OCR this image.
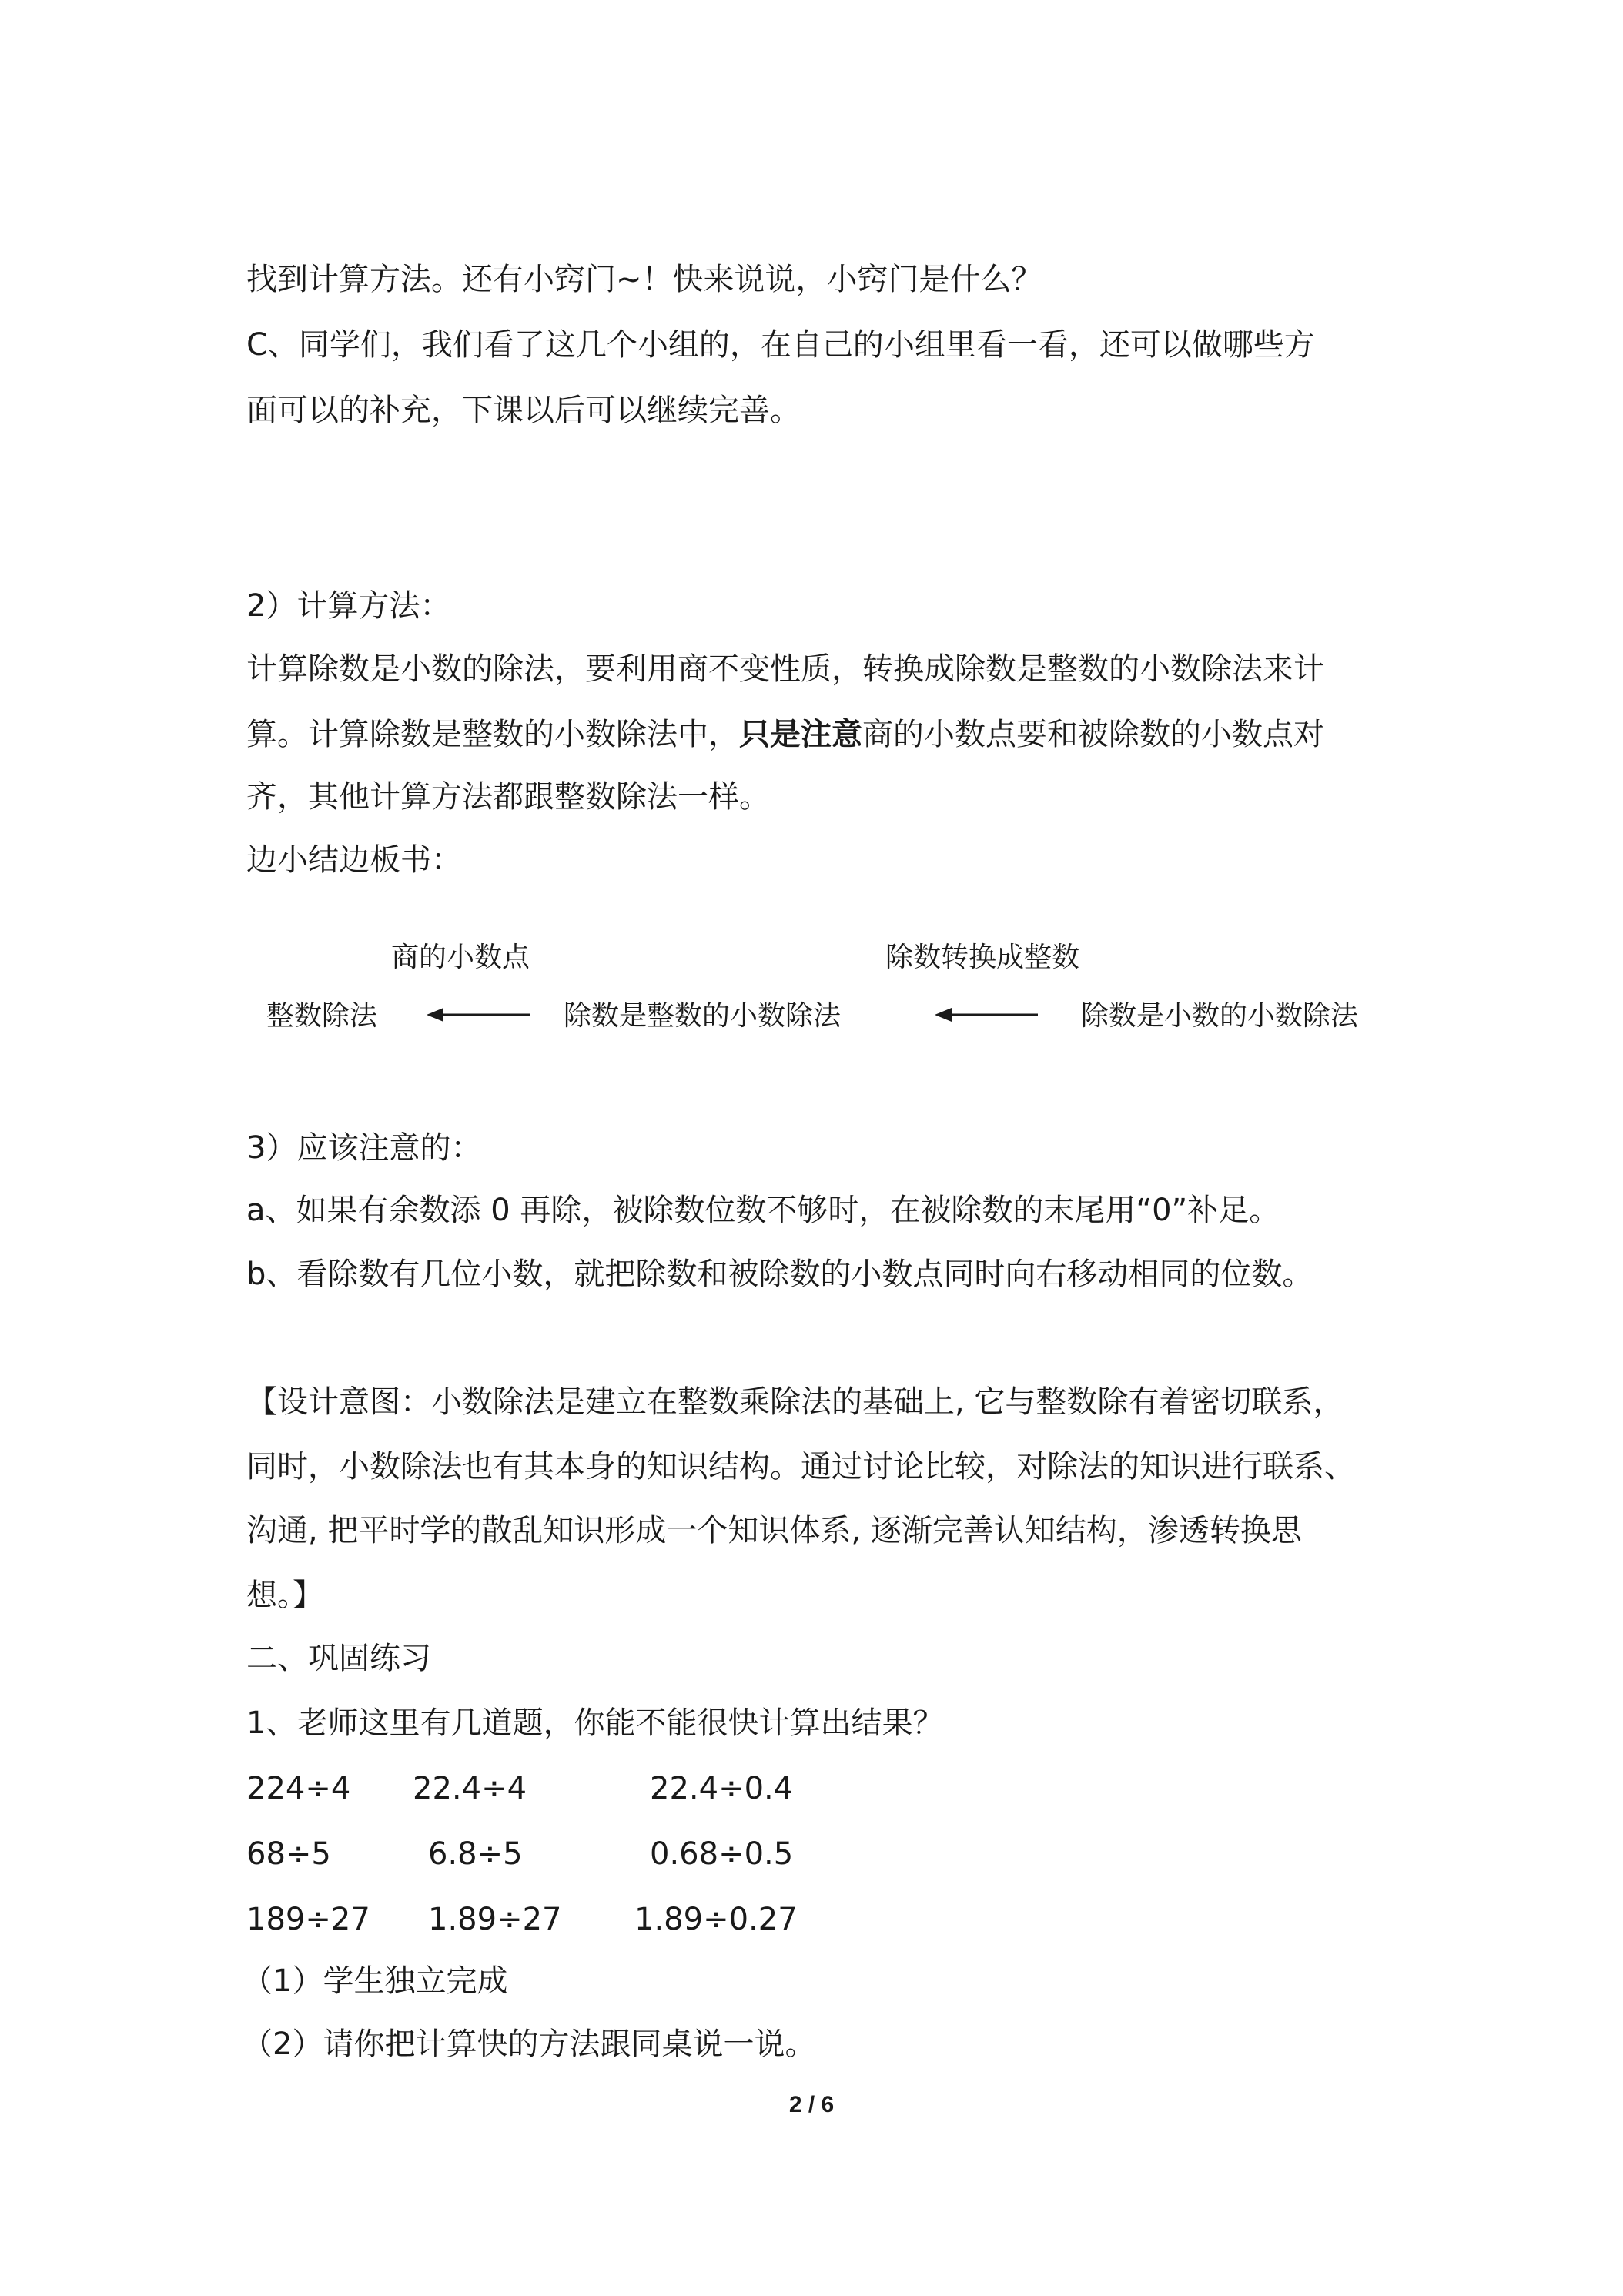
找到计算方法。还有小窍门~！快来说说，小窍门是什么？
C、同学们，我们看了这几个小组的，在自己的小组里看一看，还可以做哪些方
面可以的补充，下课以后可以继续完善。
2）计算方法：
计算除数是小数的除法，要利用商不变性质，转换成除数是整数的小数除法来计
算。计算除数是整数的小数除法中，只是注意商的小数点要和被除数的小数点对
齐，其他计算方法都跟整数除法一样。
边小结边板书：
商的小数点	除数转换成整数
整数除法	除数是整数的小数除法	除数是小数的小数除法
3）应该注意的：
a、如果有余数添 0 再除，被除数位数不够时，在被除数的末尾用“0”补足。
b、看除数有几位小数，就把除数和被除数的小数点同时向右移动相同的位数。
【设计意图：小数除法是建立在整数乘除法的基础上, 它与整数除有着密切联系，
同时，小数除法也有其本身的知识结构。通过讨论比较，对除法的知识进行联系、
沟通, 把平时学的散乱知识形成一个知识体系, 逐渐完善认知结构，渗透转换思
想。】
二、巩固练习
1、老师这里有几道题，你能不能很快计算出结果？
224÷4 22.4÷4	22.4÷0.4
68÷5	6.8÷5	0.68÷0.5
189÷27 1.89÷27 1.89÷0.27
（1）学生独立完成
（2）请你把计算快的方法跟同桌说一说。
2 / 6
